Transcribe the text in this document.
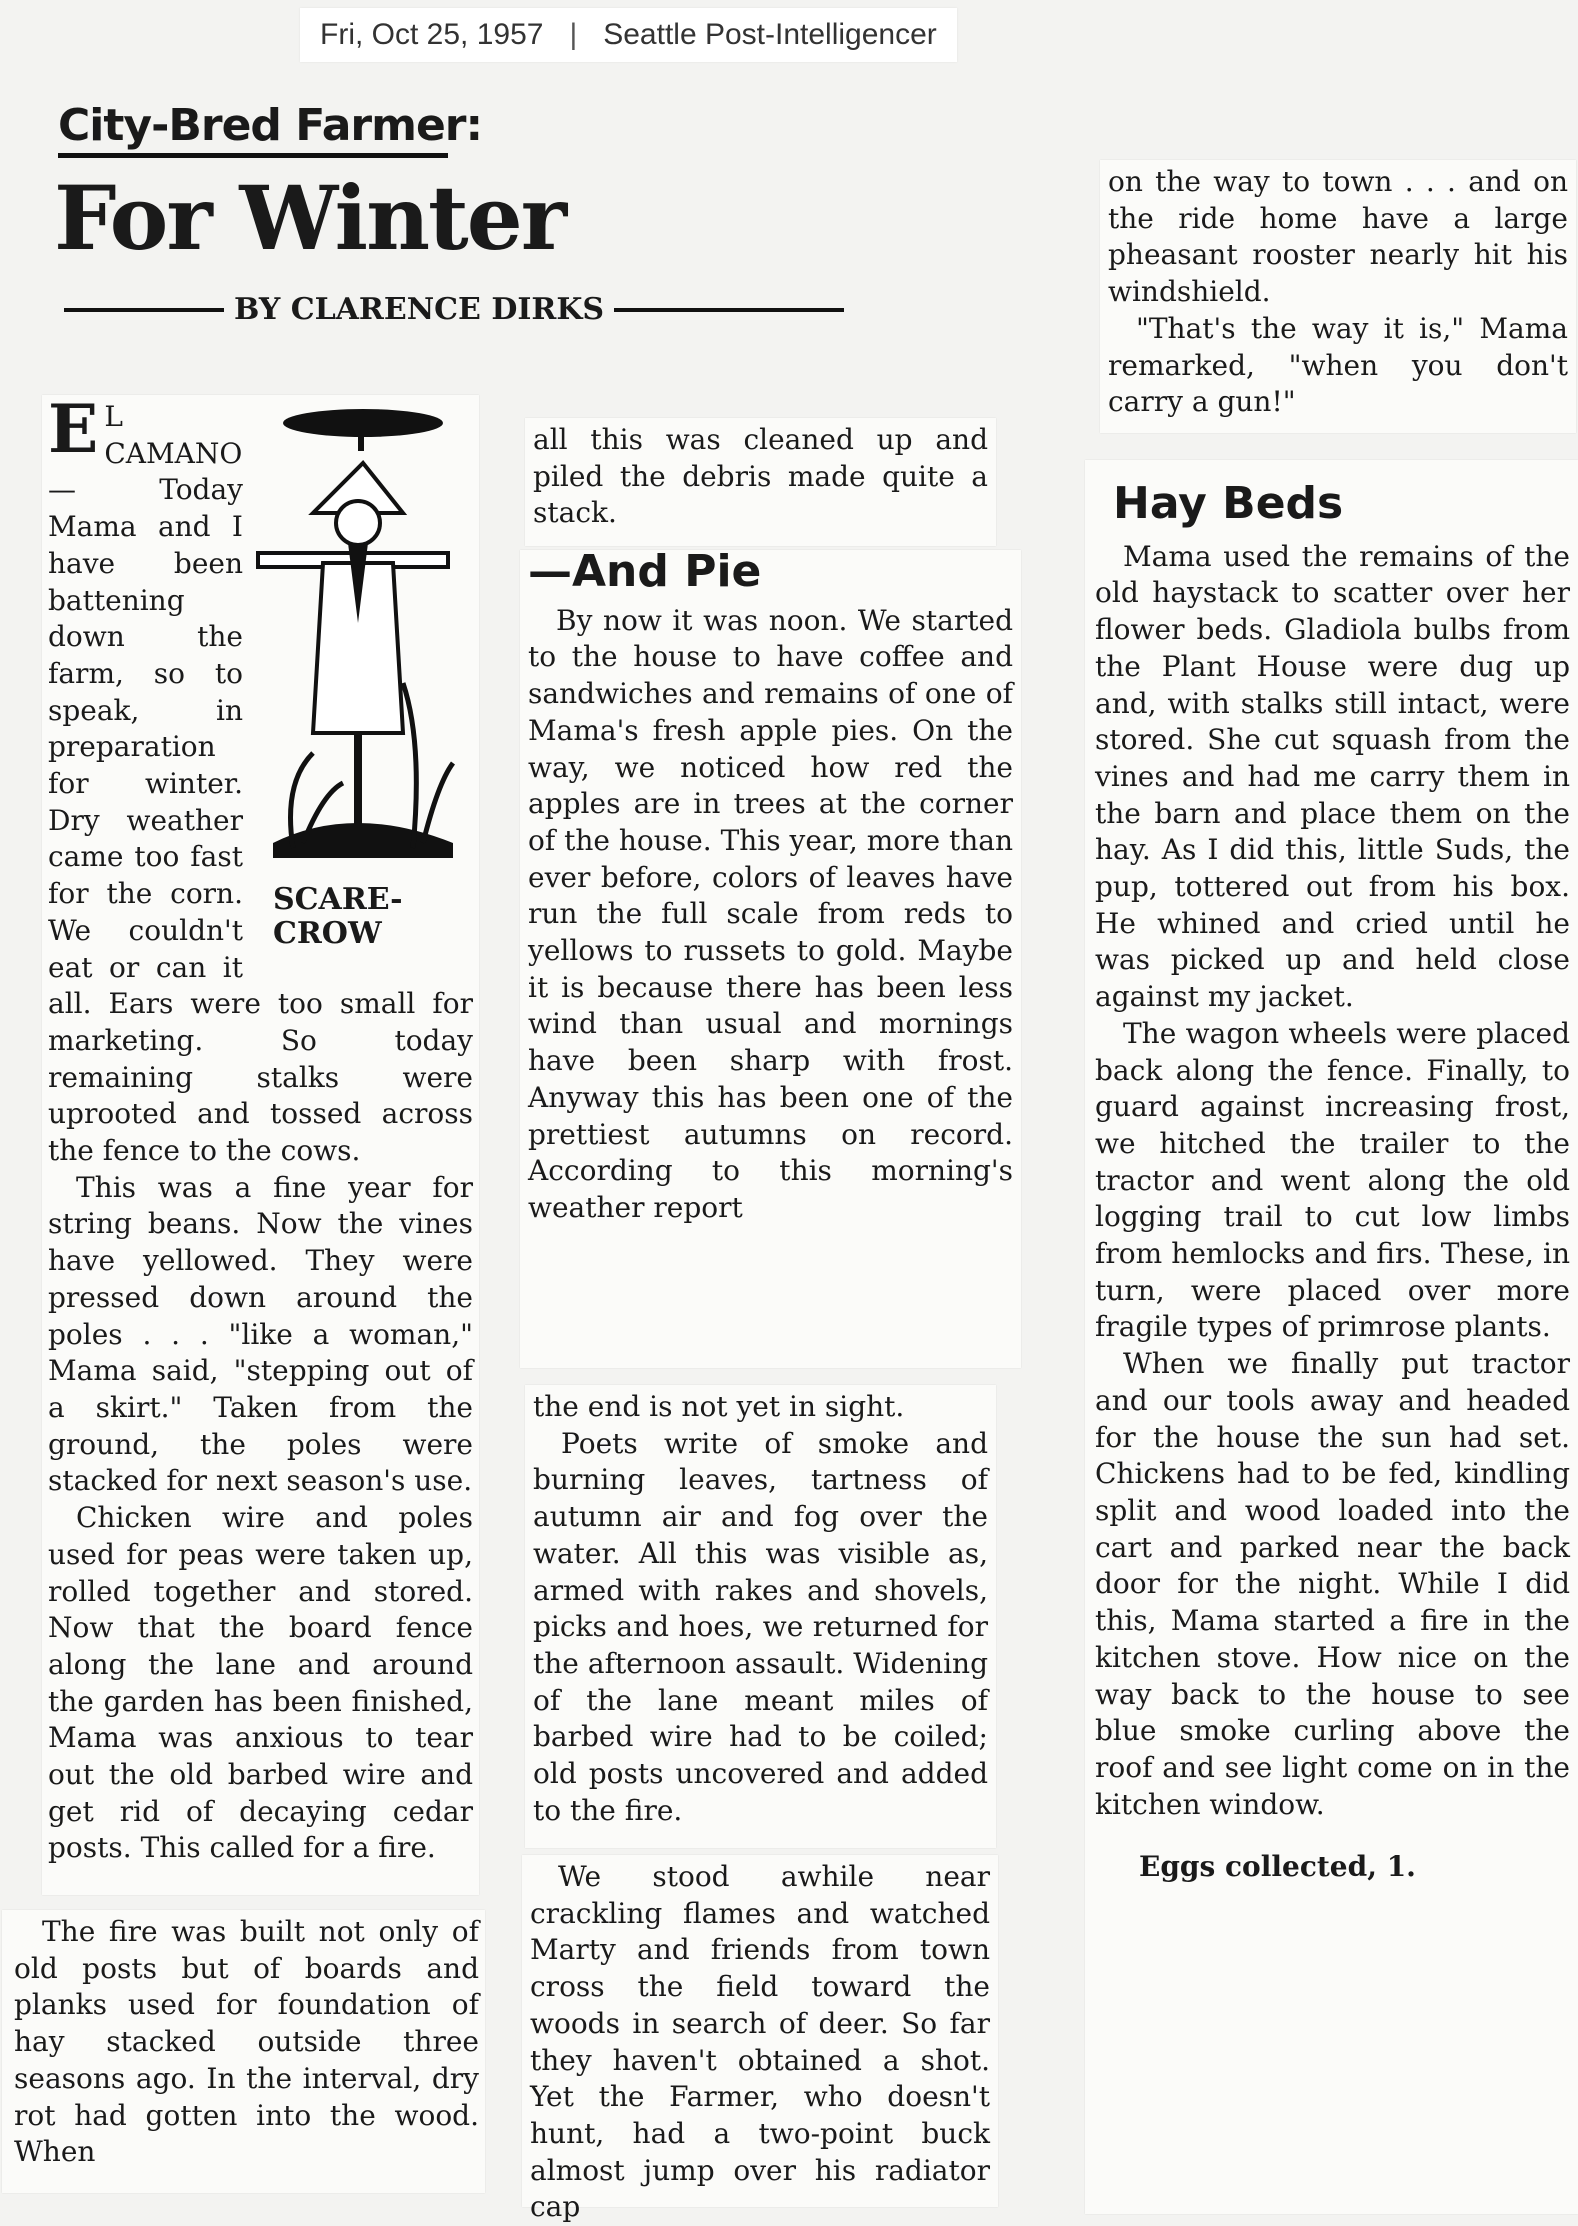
Fri, Oct 25, 1957 | Seattle Post-Intelligencer
City-Bred Farmer:
For Winter
BY CLARENCE DIRKS
E
SCARE-
CROW

L CAMANO — Today Mama and I have been battening down the farm, so to speak, in preparation for winter. Dry weather came too fast for the corn. We couldn't eat or can it all. Ears were too small for marketing. So today remaining stalks were uprooted and tossed across the fence to the cows.

This was a fine year for string beans. Now the vines have yellowed. They were pressed down around the poles . . . "like a woman," Mama said, "stepping out of a skirt." Taken from the ground, the poles were stacked for next season's use.

Chicken wire and poles used for peas were taken up, rolled together and stored. Now that the board fence along the lane and around the garden has been finished, Mama was anxious to tear out the old barbed wire and get rid of decaying cedar posts. This called for a fire.

The fire was built not only of old posts but of boards and planks used for foundation of hay stacked outside three seasons ago. In the interval, dry rot had gotten into the wood. When

all this was cleaned up and piled the debris made quite a stack.

—And Pie

By now it was noon. We started to the house to have coffee and sandwiches and remains of one of Mama's fresh apple pies. On the way, we noticed how red the apples are in trees at the corner of the house. This year, more than ever before, colors of leaves have run the full scale from reds to yellows to russets to gold. Maybe it is because there has been less wind than usual and mornings have been sharp with frost. Anyway this has been one of the prettiest autumns on record. According to this morning's weather report

the end is not yet in sight.

Poets write of smoke and burning leaves, tartness of autumn air and fog over the water. All this was visible as, armed with rakes and shovels, picks and hoes, we returned for the afternoon assault. Widening of the lane meant miles of barbed wire had to be coiled; old posts uncovered and added to the fire.

We stood awhile near crackling flames and watched Marty and friends from town cross the field toward the woods in search of deer. So far they haven't obtained a shot. Yet the Farmer, who doesn't hunt, had a two-point buck almost jump over his radiator cap

on the way to town . . . and on the ride home have a large pheasant rooster nearly hit his windshield.

"That's the way it is," Mama remarked, "when you don't carry a gun!"

Hay Beds

Mama used the remains of the old haystack to scatter over her flower beds. Gladiola bulbs from the Plant House were dug up and, with stalks still intact, were stored. She cut squash from the vines and had me carry them in the barn and place them on the hay. As I did this, little Suds, the pup, tottered out from his box. He whined and cried until he was picked up and held close against my jacket.

The wagon wheels were placed back along the fence. Finally, to guard against increasing frost, we hitched the trailer to the tractor and went along the old logging trail to cut low limbs from hemlocks and firs. These, in turn, were placed over more fragile types of primrose plants.

When we finally put tractor and our tools away and headed for the house the sun had set. Chickens had to be fed, kindling split and wood loaded into the cart and parked near the back door for the night. While I did this, Mama started a fire in the kitchen stove. How nice on the way back to the house to see blue smoke curling above the roof and see light come on in the kitchen window.

Eggs collected, 1.
